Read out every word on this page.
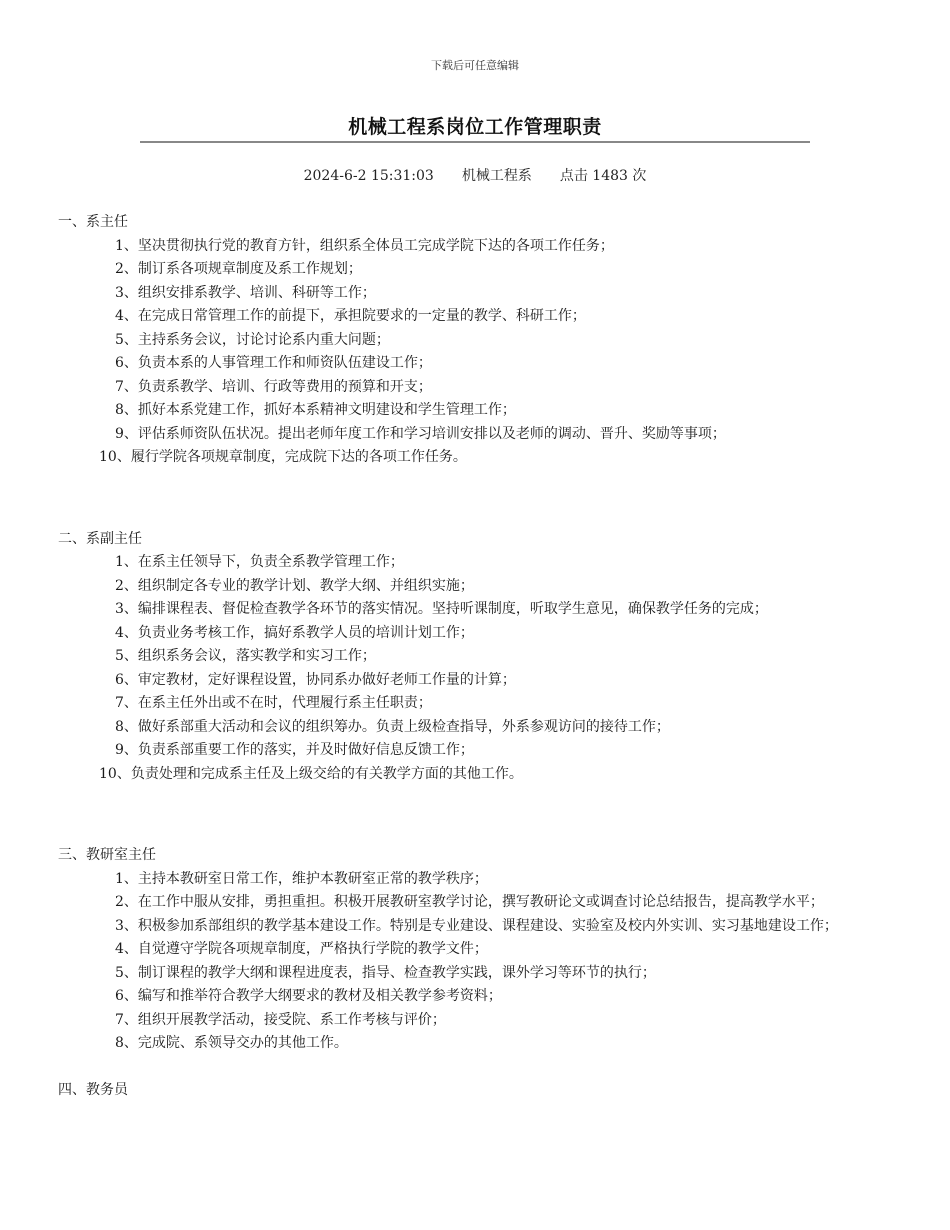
下载后可任意编辑
机械工程系岗位工作管理职责
2024-6-2 15:31:03 机械工程系 点击 1483 次
一、系主任
1、坚决贯彻执行党的教育方针，组织系全体员工完成学院下达的各项工作任务；
2、制订系各项规章制度及系工作规划；
3、组织安排系教学、培训、科研等工作；
4、在完成日常管理工作的前提下，承担院要求的一定量的教学、科研工作；
5、主持系务会议，讨论讨论系内重大问题；
6、负责本系的人事管理工作和师资队伍建设工作；
7、负责系教学、培训、行政等费用的预算和开支；
8、抓好本系党建工作，抓好本系精神文明建设和学生管理工作；
9、评估系师资队伍状况。提出老师年度工作和学习培训安排以及老师的调动、晋升、奖励等事项；
10、履行学院各项规章制度，完成院下达的各项工作任务。
二、系副主任
1、在系主任领导下，负责全系教学管理工作；
2、组织制定各专业的教学计划、教学大纲、并组织实施；
3、编排课程表、督促检查教学各环节的落实情况。坚持听课制度，听取学生意见，确保教学任务的完成；
4、负责业务考核工作，搞好系教学人员的培训计划工作；
5、组织系务会议，落实教学和实习工作；
6、审定教材，定好课程设置，协同系办做好老师工作量的计算；
7、在系主任外出或不在时，代理履行系主任职责；
8、做好系部重大活动和会议的组织筹办。负责上级检查指导，外系参观访问的接待工作；
9、负责系部重要工作的落实，并及时做好信息反馈工作；
10、负责处理和完成系主任及上级交给的有关教学方面的其他工作。
三、教研室主任
1、主持本教研室日常工作，维护本教研室正常的教学秩序；
2、在工作中服从安排，勇担重担。积极开展教研室教学讨论，撰写教研论文或调查讨论总结报告，提高教学水平；
3、积极参加系部组织的教学基本建设工作。特别是专业建设、课程建设、实验室及校内外实训、实习基地建设工作；
4、自觉遵守学院各项规章制度，严格执行学院的教学文件；
5、制订课程的教学大纲和课程进度表，指导、检查教学实践，课外学习等环节的执行；
6、编写和推举符合教学大纲要求的教材及相关教学参考资料；
7、组织开展教学活动，接受院、系工作考核与评价；
8、完成院、系领导交办的其他工作。
四、教务员
